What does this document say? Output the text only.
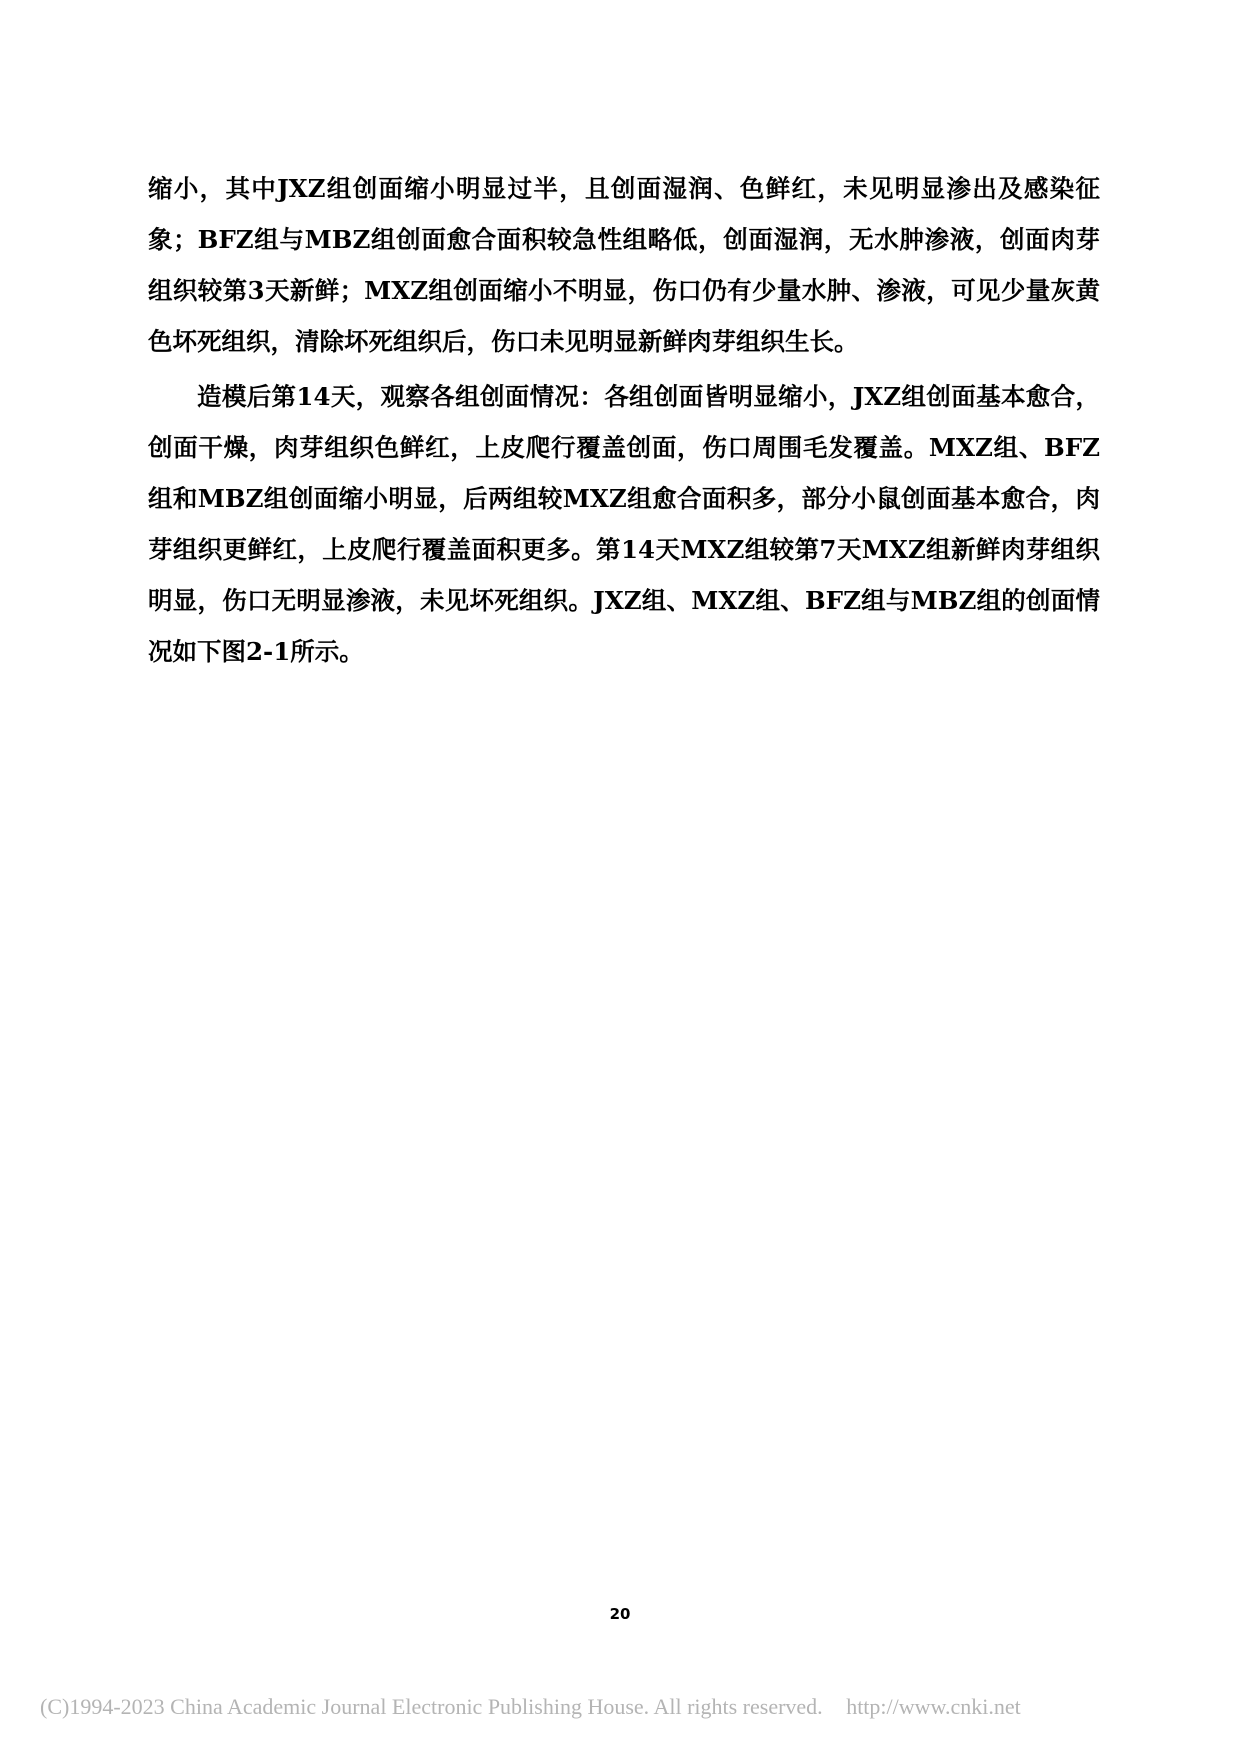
缩小，其中JXZ组创面缩小明显过半，且创面湿润、色鲜红，未见明显渗出及感染征象；BFZ组与MBZ组创面愈合面积较急性组略低，创面湿润，无水肿渗液，创面肉芽组织较第3天新鲜；MXZ组创面缩小不明显，伤口仍有少量水肿、渗液，可见少量灰黄色坏死组织，清除坏死组织后，伤口未见明显新鲜肉芽组织生长。

造模后第14天，观察各组创面情况：各组创面皆明显缩小，JXZ组创面基本愈合，创面干燥，肉芽组织色鲜红，上皮爬行覆盖创面，伤口周围毛发覆盖。MXZ组、BFZ组和MBZ组创面缩小明显，后两组较MXZ组愈合面积多，部分小鼠创面基本愈合，肉芽组织更鲜红，上皮爬行覆盖面积更多。第14天MXZ组较第7天MXZ组新鲜肉芽组织明显，伤口无明显渗液，未见坏死组织。JXZ组、MXZ组、BFZ组与MBZ组的创面情况如下图2-1所示。

20
(C)1994-2023 China Academic Journal Electronic Publishing House. All rights reserved. http://www.cnki.net
